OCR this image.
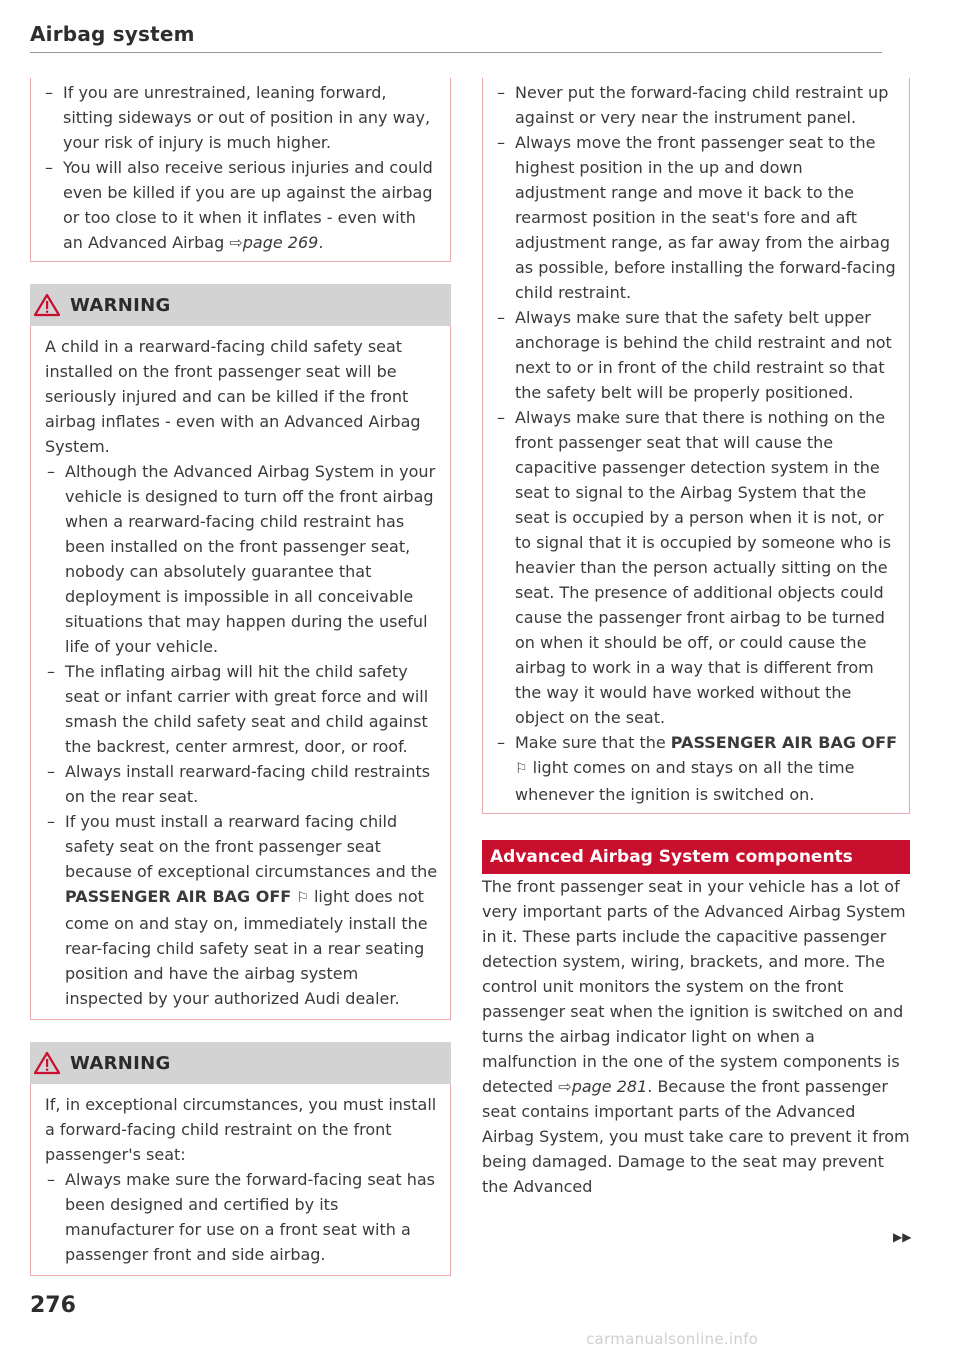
Airbag system
– If you are unrestrained, leaning forward, sitting sideways or out of position in any way, your risk of injury is much higher.
– You will also receive serious injuries and could even be killed if you are up against the airbag or too close to it when it inflates - even with an Advanced Airbag ⇨page 269.
WARNING

A child in a rearward-facing child safety seat installed on the front passenger seat will be seriously injured and can be killed if the front airbag inflates - even with an Advanced Airbag System.

– Although the Advanced Airbag System in your vehicle is designed to turn off the front airbag when a rearward-facing child restraint has been installed on the front passenger seat, nobody can absolutely guarantee that deployment is impossible in all conceivable situations that may happen during the useful life of your vehicle.
– The inflating airbag will hit the child safety seat or infant carrier with great force and will smash the child safety seat and child against the backrest, center armrest, door, or roof.
– Always install rearward-facing child restraints on the rear seat.
– If you must install a rearward facing child safety seat on the front passenger seat because of exceptional circumstances and the PASSENGER AIR BAG OFF ⚐ light does not come on and stay on, immediately install the rear-facing child safety seat in a rear seating position and have the airbag system inspected by your authorized Audi dealer.
WARNING

If, in exceptional circumstances, you must install a forward-facing child restraint on the front passenger's seat:

– Always make sure the forward-facing seat has been designed and certified by its manufacturer for use on a front seat with a passenger front and side airbag.
– Never put the forward-facing child restraint up against or very near the instrument panel.
– Always move the front passenger seat to the highest position in the up and down adjustment range and move it back to the rearmost position in the seat's fore and aft adjustment range, as far away from the airbag as possible, before installing the forward-facing child restraint.
– Always make sure that the safety belt upper anchorage is behind the child restraint and not next to or in front of the child restraint so that the safety belt will be properly positioned.
– Always make sure that there is nothing on the front passenger seat that will cause the capacitive passenger detection system in the seat to signal to the Airbag System that the seat is occupied by a person when it is not, or to signal that it is occupied by someone who is heavier than the person actually sitting on the seat. The presence of additional objects could cause the passenger front airbag to be turned on when it should be off, or could cause the airbag to work in a way that is different from the way it would have worked without the object on the seat.
– Make sure that the PASSENGER AIR BAG OFF ⚐ light comes on and stays on all the time whenever the ignition is switched on.
Advanced Airbag System components

The front passenger seat in your vehicle has a lot of very important parts of the Advanced Airbag System in it. These parts include the capacitive passenger detection system, wiring, brackets, and more. The control unit monitors the system on the front passenger seat when the ignition is switched on and turns the airbag indicator light on when a malfunction in the one of the system components is detected ⇨page 281. Because the front passenger seat contains important parts of the Advanced Airbag System, you must take care to prevent it from being damaged. Damage to the seat may prevent the Advanced

▶▶
276
carmanualsonline.info
